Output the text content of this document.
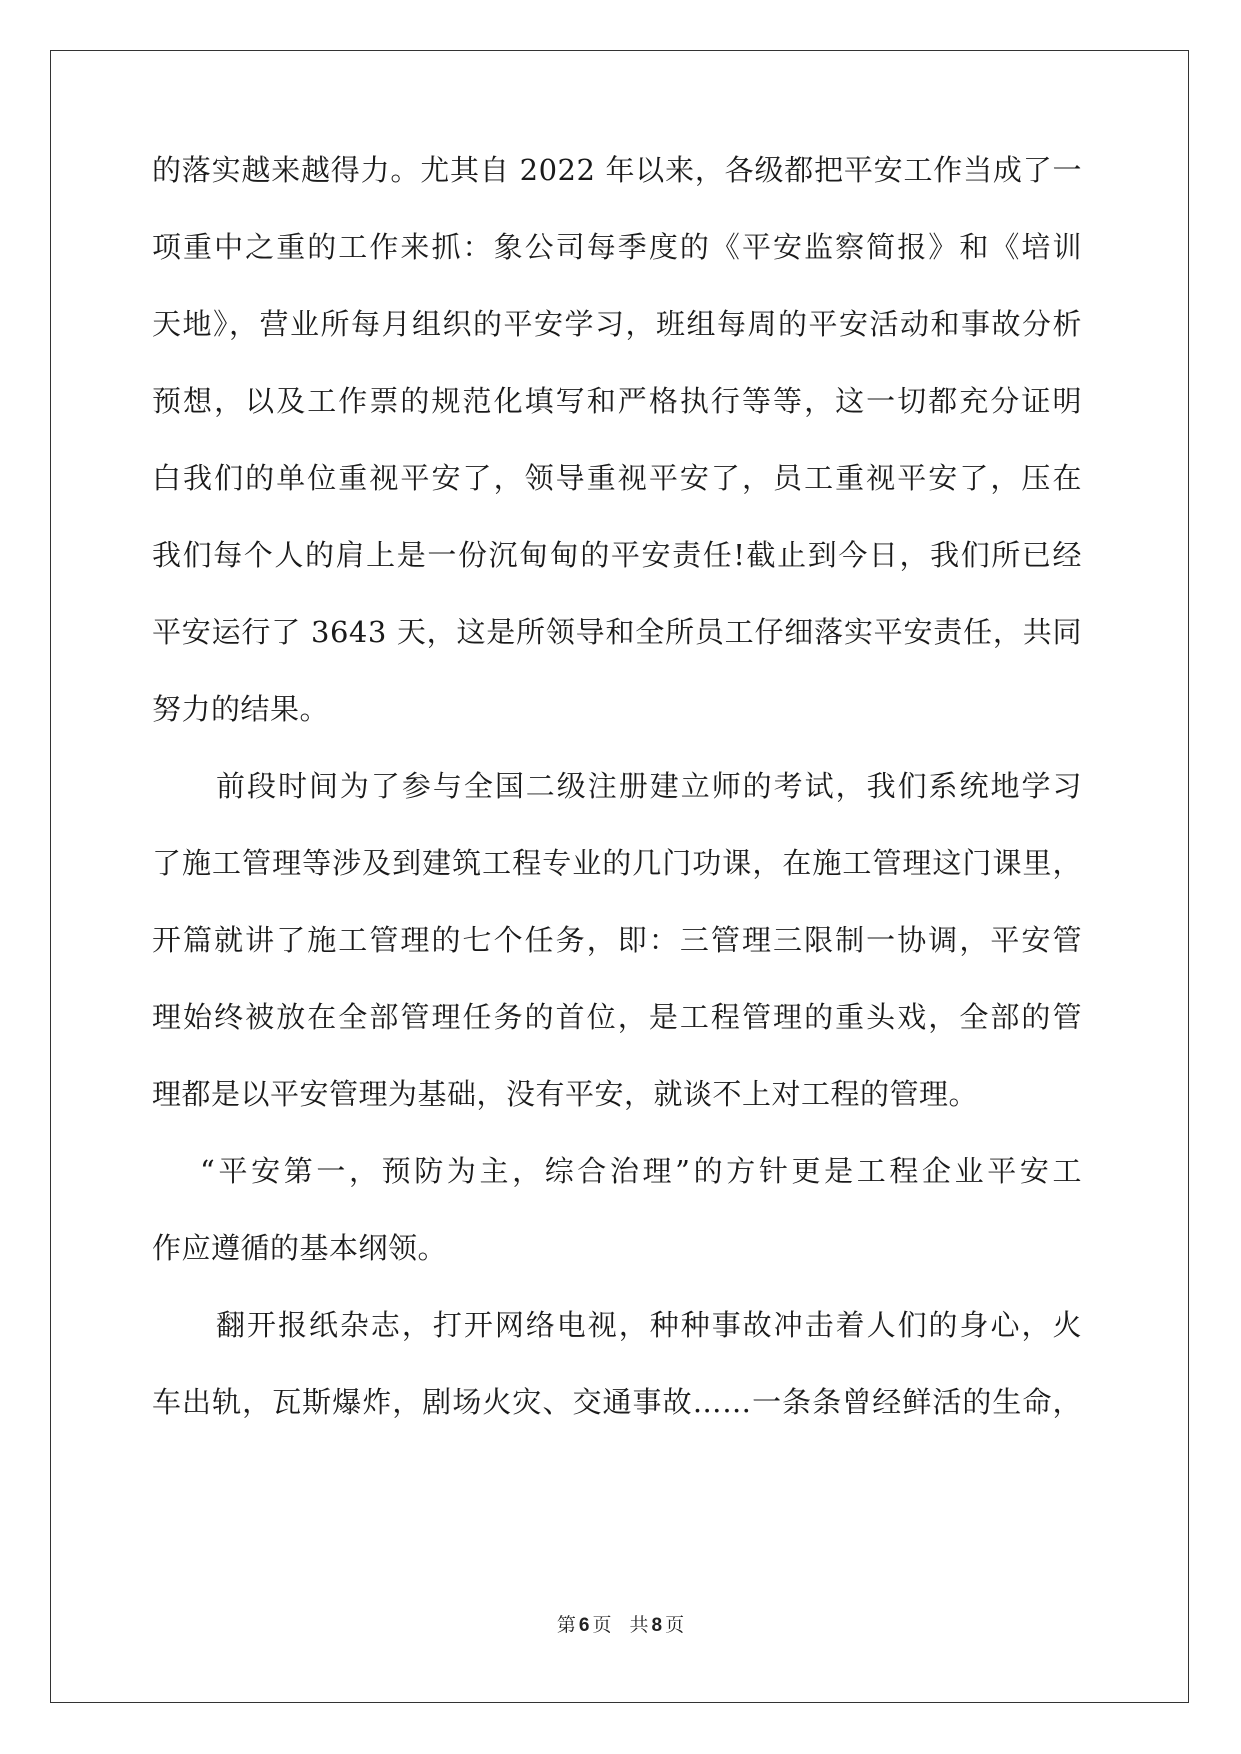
的落实越来越得力。尤其自 2022 年以来，各级都把平安工作当成了一
项重中之重的工作来抓：象公司每季度的《平安监察简报》和《培训
天地》，营业所每月组织的平安学习，班组每周的平安活动和事故分析
预想，以及工作票的规范化填写和严格执行等等，这一切都充分证明
白我们的单位重视平安了，领导重视平安了，员工重视平安了，压在
我们每个人的肩上是一份沉甸甸的平安责任!截止到今日，我们所已经
平安运行了 3643 天，这是所领导和全所员工仔细落实平安责任，共同
努力的结果。
前段时间为了参与全国二级注册建立师的考试，我们系统地学习
了施工管理等涉及到建筑工程专业的几门功课，在施工管理这门课里，
开篇就讲了施工管理的七个任务，即：三管理三限制一协调，平安管
理始终被放在全部管理任务的首位，是工程管理的重头戏，全部的管
理都是以平安管理为基础，没有平安，就谈不上对工程的管理。
“平安第一，预防为主，综合治理”的方针更是工程企业平安工
作应遵循的基本纲领。
翻开报纸杂志，打开网络电视，种种事故冲击着人们的身心，火
车出轨，瓦斯爆炸，剧场火灾、交通事故……一条条曾经鲜活的生命，
第 6 页 共 8 页
